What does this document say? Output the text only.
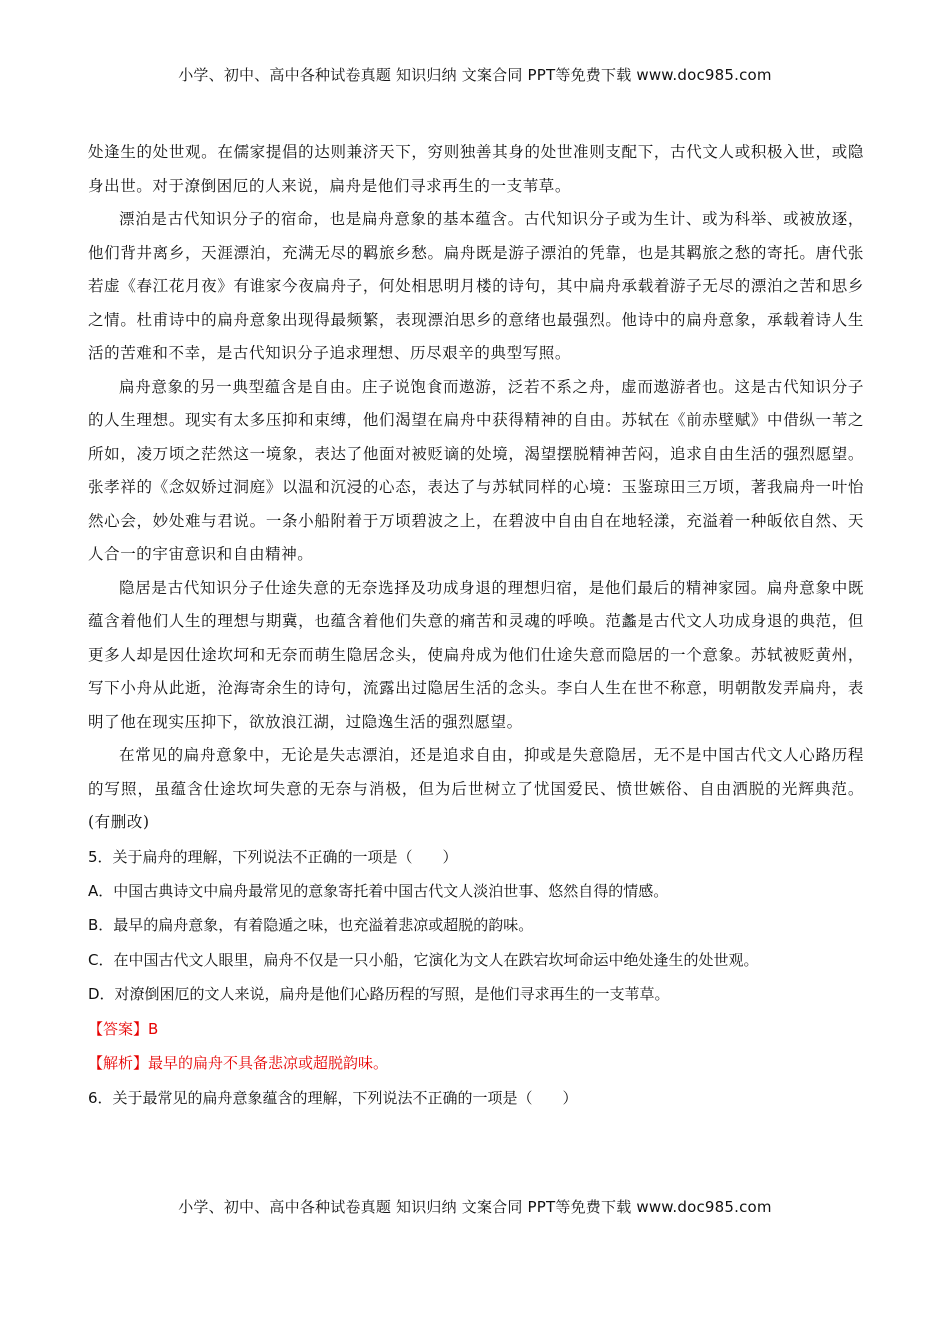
小学、初中、高中各种试卷真题 知识归纳 文案合同 PPT等免费下载 www.doc985.com

处逢生的处世观。在儒家提倡的达则兼济天下，穷则独善其身的处世准则支配下，古代文人或积极入世，或隐身出世。对于潦倒困厄的人来说，扁舟是他们寻求再生的一支苇草。

漂泊是古代知识分子的宿命，也是扁舟意象的基本蕴含。古代知识分子或为生计、或为科举、或被放逐，他们背井离乡，天涯漂泊，充满无尽的羁旅乡愁。扁舟既是游子漂泊的凭靠，也是其羁旅之愁的寄托。唐代张若虚《春江花月夜》有谁家今夜扁舟子，何处相思明月楼的诗句，其中扁舟承载着游子无尽的漂泊之苦和思乡之情。杜甫诗中的扁舟意象出现得最频繁，表现漂泊思乡的意绪也最强烈。他诗中的扁舟意象，承载着诗人生活的苦难和不幸，是古代知识分子追求理想、历尽艰辛的典型写照。

扁舟意象的另一典型蕴含是自由。庄子说饱食而遨游，泛若不系之舟，虚而遨游者也。这是古代知识分子的人生理想。现实有太多压抑和束缚，他们渴望在扁舟中获得精神的自由。苏轼在《前赤壁赋》中借纵一苇之所如，凌万顷之茫然这一境象，表达了他面对被贬谪的处境，渴望摆脱精神苦闷，追求自由生活的强烈愿望。张孝祥的《念奴娇过洞庭》以温和沉浸的心态，表达了与苏轼同样的心境：玉鉴琼田三万顷，著我扁舟一叶怡然心会，妙处难与君说。一条小船附着于万顷碧波之上，在碧波中自由自在地轻漾，充溢着一种皈依自然、天人合一的宇宙意识和自由精神。

隐居是古代知识分子仕途失意的无奈选择及功成身退的理想归宿，是他们最后的精神家园。扁舟意象中既蕴含着他们人生的理想与期冀，也蕴含着他们失意的痛苦和灵魂的呼唤。范蠡是古代文人功成身退的典范，但更多人却是因仕途坎坷和无奈而萌生隐居念头，使扁舟成为他们仕途失意而隐居的一个意象。苏轼被贬黄州，写下小舟从此逝，沧海寄余生的诗句，流露出过隐居生活的念头。李白人生在世不称意，明朝散发弄扁舟，表明了他在现实压抑下，欲放浪江湖，过隐逸生活的强烈愿望。

在常见的扁舟意象中，无论是失志漂泊，还是追求自由，抑或是失意隐居，无不是中国古代文人心路历程的写照，虽蕴含仕途坎坷失意的无奈与消极，但为后世树立了忧国爱民、愤世嫉俗、自由洒脱的光辉典范。(有删改)

5．关于扁舟的理解，下列说法不正确的一项是（　　）

A．中国古典诗文中扁舟最常见的意象寄托着中国古代文人淡泊世事、悠然自得的情感。

B．最早的扁舟意象，有着隐遁之味，也充溢着悲凉或超脱的韵味。

C．在中国古代文人眼里，扁舟不仅是一只小船，它演化为文人在跌宕坎坷命运中绝处逢生的处世观。

D．对潦倒困厄的文人来说，扁舟是他们心路历程的写照，是他们寻求再生的一支苇草。

【答案】B

【解析】最早的扁舟不具备悲凉或超脱韵味。

6．关于最常见的扁舟意象蕴含的理解，下列说法不正确的一项是（　　）

小学、初中、高中各种试卷真题 知识归纳 文案合同 PPT等免费下载 www.doc985.com
